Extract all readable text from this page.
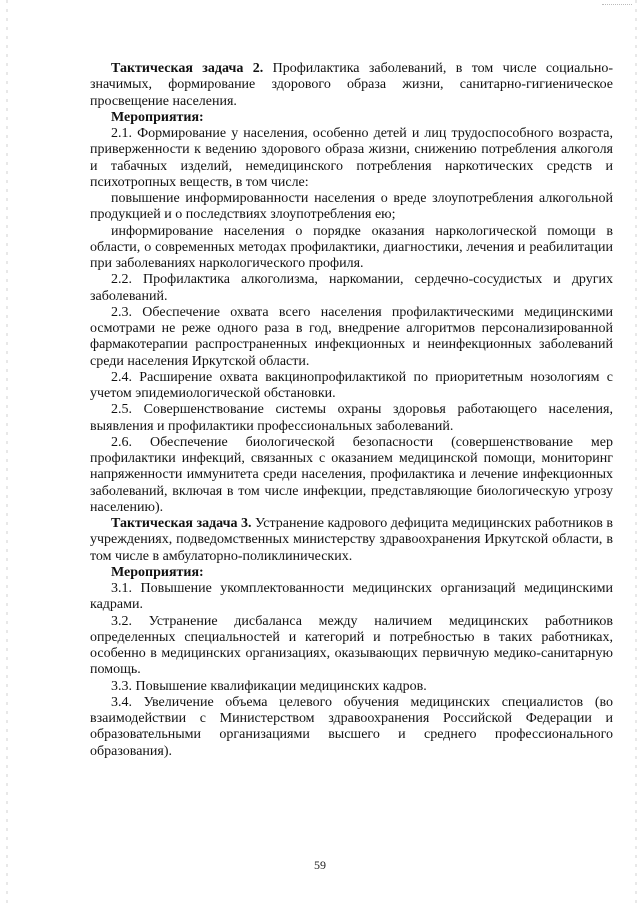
Тактическая задача 2. Профилактика заболеваний, в том числе социально-значимых, формирование здорового образа жизни, санитарно-гигиеническое просвещение населения.

Мероприятия:

2.1. Формирование у населения, особенно детей и лиц трудоспособного возраста, приверженности к ведению здорового образа жизни, снижению потребления алкоголя и табачных изделий, немедицинского потребления наркотических средств и психотропных веществ, в том числе:

повышение информированности населения о вреде злоупотребления алкогольной продукцией и о последствиях злоупотребления ею;

информирование населения о порядке оказания наркологической помощи в области, о современных методах профилактики, диагностики, лечения и реабилитации при заболеваниях наркологического профиля.

2.2. Профилактика алкоголизма, наркомании, сердечно-сосудистых и других заболеваний.

2.3. Обеспечение охвата всего населения профилактическими медицинскими осмотрами не реже одного раза в год, внедрение алгоритмов персонализированной фармакотерапии распространенных инфекционных и неинфекционных заболеваний среди населения Иркутской области.

2.4. Расширение охвата вакцинопрофилактикой по приоритетным нозологиям с учетом эпидемиологической обстановки.

2.5. Совершенствование системы охраны здоровья работающего населения, выявления и профилактики профессиональных заболеваний.

2.6. Обеспечение биологической безопасности (совершенствование мер профилактики инфекций, связанных с оказанием медицинской помощи, мониторинг напряженности иммунитета среди населения, профилактика и лечение инфекционных заболеваний, включая в том числе инфекции, представляющие биологическую угрозу населению).

Тактическая задача 3. Устранение кадрового дефицита медицинских работников в учреждениях, подведомственных министерству здравоохранения Иркутской области, в том числе в амбулаторно-поликлинических.

Мероприятия:

3.1. Повышение укомплектованности медицинских организаций медицинскими кадрами.

3.2. Устранение дисбаланса между наличием медицинских работников определенных специальностей и категорий и потребностью в таких работниках, особенно в медицинских организациях, оказывающих первичную медико-санитарную помощь.

3.3. Повышение квалификации медицинских кадров.

3.4. Увеличение объема целевого обучения медицинских специалистов (во взаимодействии с Министерством здравоохранения Российской Федерации и образовательными организациями высшего и среднего профессионального образования).

59
